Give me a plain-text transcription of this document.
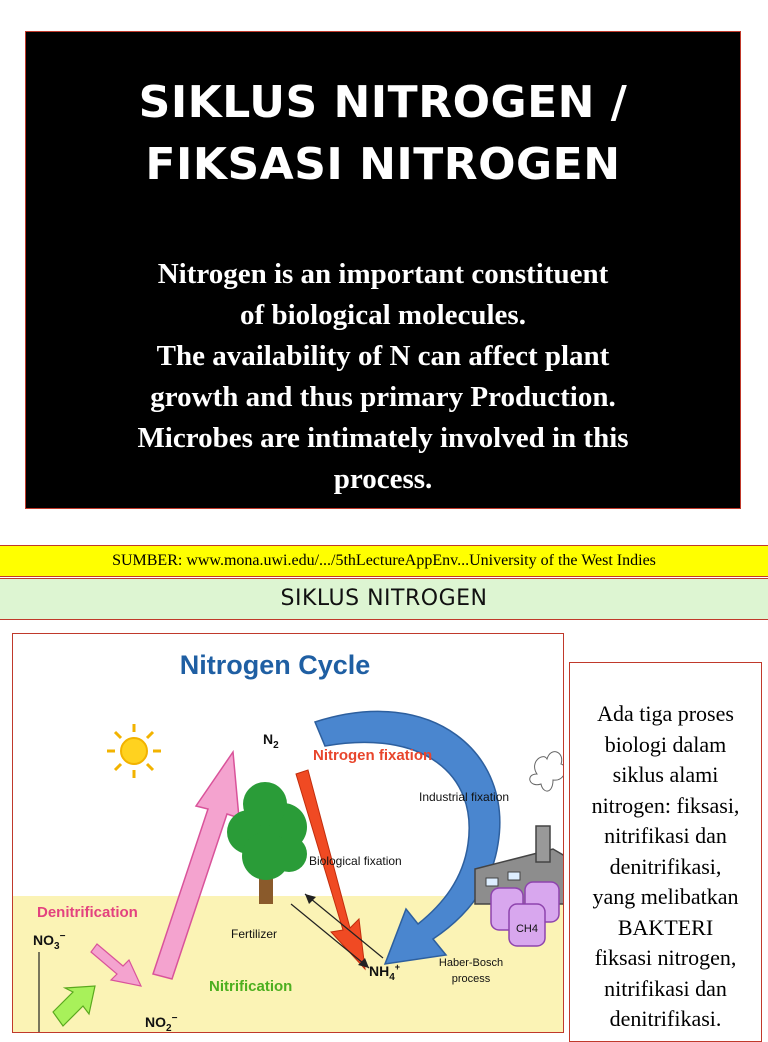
SIKLUS NITROGEN /
FIKSASI NITROGEN
Nitrogen is an important constituent
of biological molecules.
The availability of N can affect plant
growth and thus primary Production.
Microbes are intimately involved in this
process.
SUMBER: www.mona.uwi.edu/.../5thLectureAppEnv...University of the West Indies
SIKLUS NITROGEN
Nitrogen Cycle
CH4
$N_2$
Nitrogen fixation
Industrial fixation
Biological fixation
Denitrification
Fertilizer
Nitrification
Haber-Bosch
process
$NO_3^-$
$NH_4^+$
$NO_2^-$
Ada tiga proses
biologi dalam
siklus alami
nitrogen: fiksasi,
nitrifikasi dan
denitrifikasi,
yang melibatkan
BAKTERI
fiksasi nitrogen,
nitrifikasi dan
denitrifikasi.
